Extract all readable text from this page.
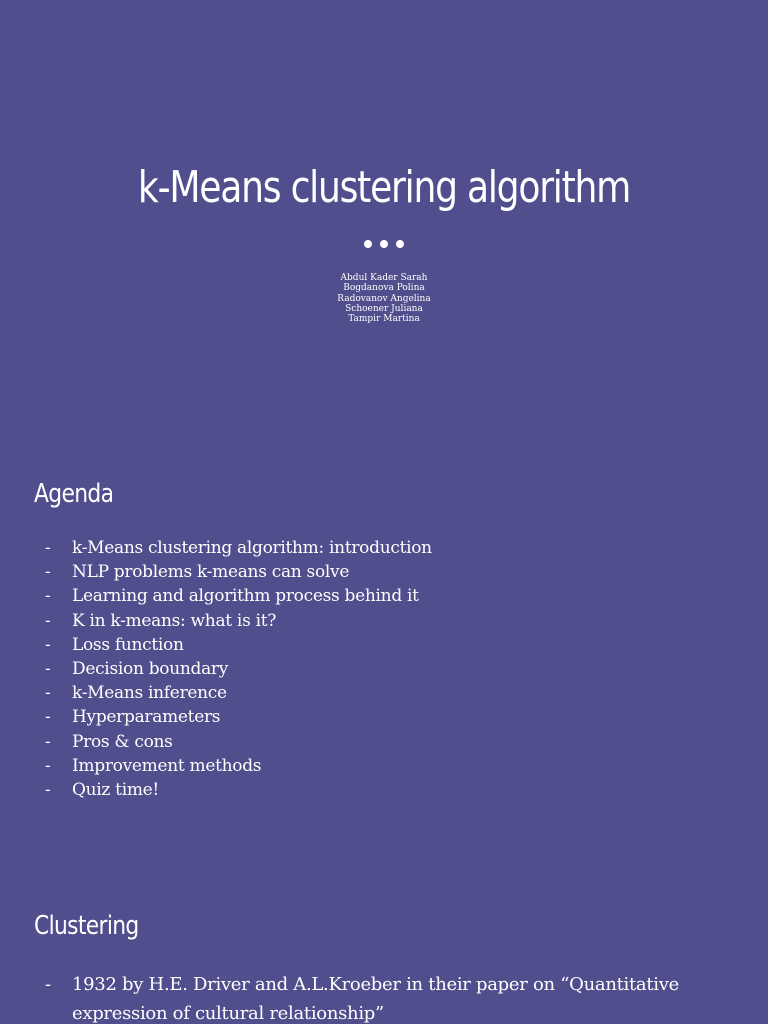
k-Means clustering algorithm
Abdul Kader Sarah
Bogdanova Polina
Radovanov Angelina
Schoener Juliana
Tampir Martina
Agenda
- k-Means clustering algorithm: introduction
- NLP problems k-means can solve
- Learning and algorithm process behind it
- K in k-means: what is it?
- Loss function
- Decision boundary
- k-Means inference
- Hyperparameters
- Pros & cons
- Improvement methods
- Quiz time!
Clustering
- 1932 by H.E. Driver and A.L.Kroeber in their paper on “Quantitative expression of cultural relationship”
